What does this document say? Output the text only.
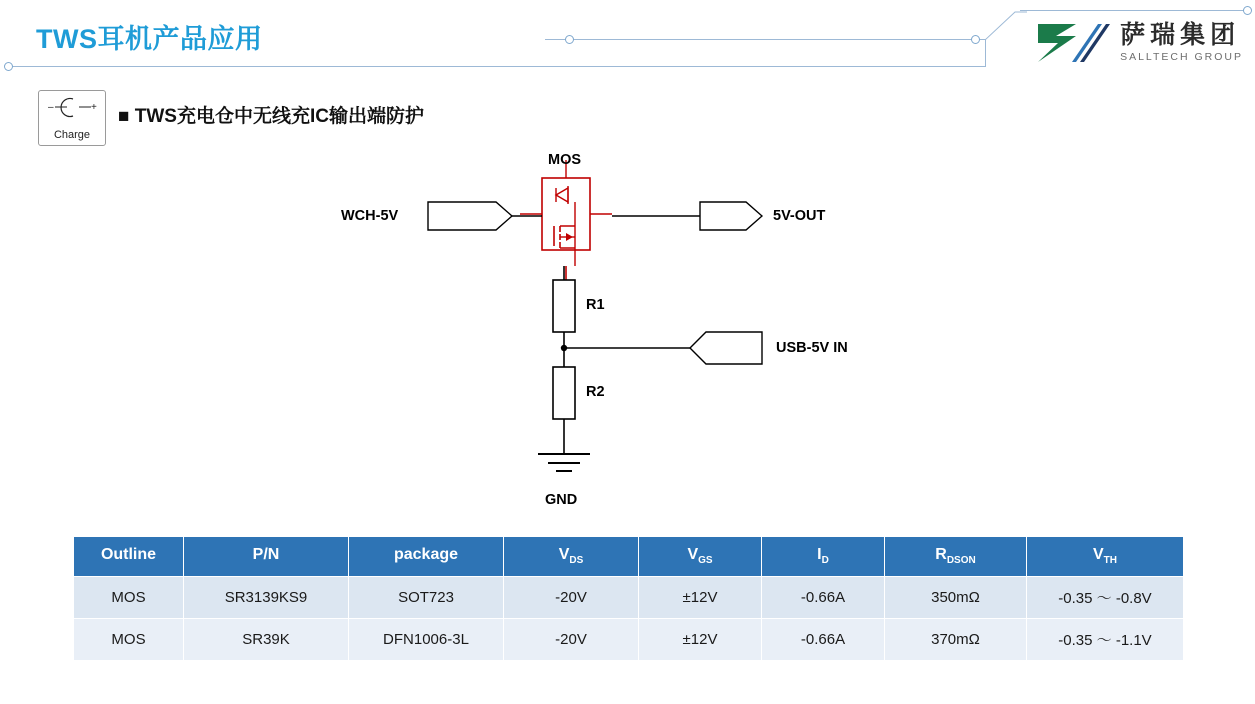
TWS耳机产品应用	萨瑞集团
SALLTECH GROUP
–	+
Charge
■ TWS充电仓中无线充IC输出端防护
MOS
WCH-5V	5V-OUT
R1
R2
USB-5V IN
GND
Outline	P/N	package	$V_{DS}$	$V_{GS}$	$I_D$	$R_{DSON}$	$V_{TH}$
MOS	SR3139KS9	SOT723	-20V	±12V	-0.66A	350mΩ	-0.35 ～ -0.8V
MOS	SR39K	DFN1006-3L	-20V	±12V	-0.66A	370mΩ	-0.35 ～ -1.1V
